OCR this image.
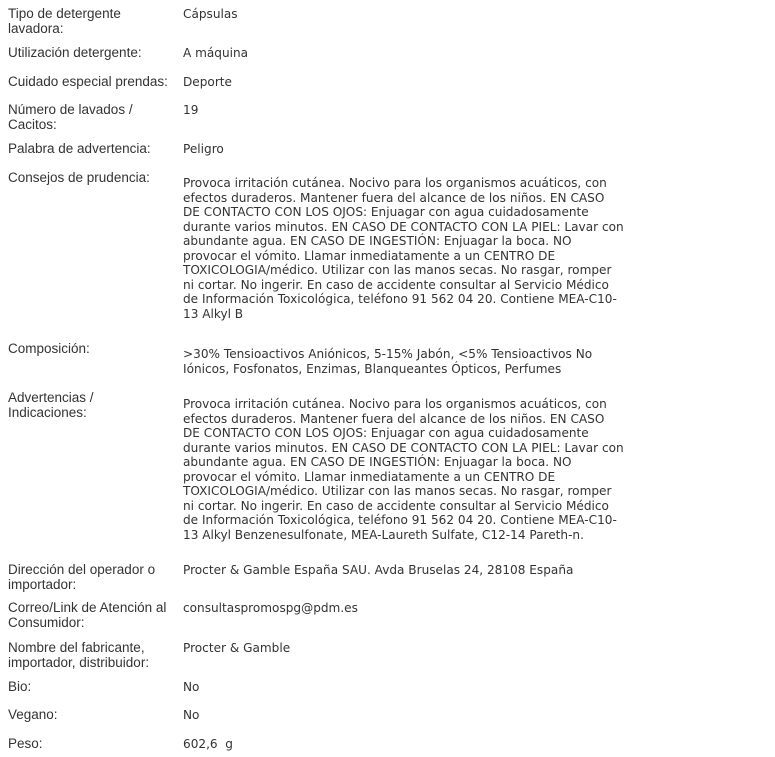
Tipo de detergente lavadora:
Cápsulas
Utilización detergente:	A máquina
Cuidado especial prendas:	Deporte
Número de lavados / Cacitos:
19
Palabra de advertencia:	Peligro
Consejos de prudencia:	Provoca irritación cutánea. Nocivo para los organismos acuáticos, con efectos duraderos. Mantener fuera del alcance de los niños. EN CASO DE CONTACTO CON LOS OJOS: Enjuagar con agua cuidadosamente durante varios minutos. EN CASO DE CONTACTO CON LA PIEL: Lavar con abundante agua. EN CASO DE INGESTIÓN: Enjuagar la boca. NO provocar el vómito. Llamar inmediatamente a un CENTRO DE TOXICOLOGIA/médico. Utilizar con las manos secas. No rasgar, romper ni cortar. No ingerir. En caso de accidente consultar al Servicio Médico de Información Toxicológica, teléfono 91 562 04 20. Contiene MEA-C10-13 Alkyl B
Composición:	>30% Tensioactivos Aniónicos, 5-15% Jabón, <5% Tensioactivos No Iónicos, Fosfonatos, Enzimas, Blanqueantes Ópticos, Perfumes
Advertencias / Indicaciones:
Provoca irritación cutánea. Nocivo para los organismos acuáticos, con efectos duraderos. Mantener fuera del alcance de los niños. EN CASO DE CONTACTO CON LOS OJOS: Enjuagar con agua cuidadosamente durante varios minutos. EN CASO DE CONTACTO CON LA PIEL: Lavar con abundante agua. EN CASO DE INGESTIÓN: Enjuagar la boca. NO provocar el vómito. Llamar inmediatamente a un CENTRO DE TOXICOLOGIA/médico. Utilizar con las manos secas. No rasgar, romper ni cortar. No ingerir. En caso de accidente consultar al Servicio Médico de Información Toxicológica, teléfono 91 562 04 20. Contiene MEA-C10-13 Alkyl Benzenesulfonate, MEA-Laureth Sulfate, C12-14 Pareth-n.
Dirección del operador o importador:
Procter & Gamble España SAU. Avda Bruselas 24, 28108 España
Correo/Link de Atención al Consumidor:
consultaspromospg@pdm.es
Nombre del fabricante, importador, distribuidor:
Procter & Gamble
Bio:	No
Vegano:	No
Peso:	602,6  g
